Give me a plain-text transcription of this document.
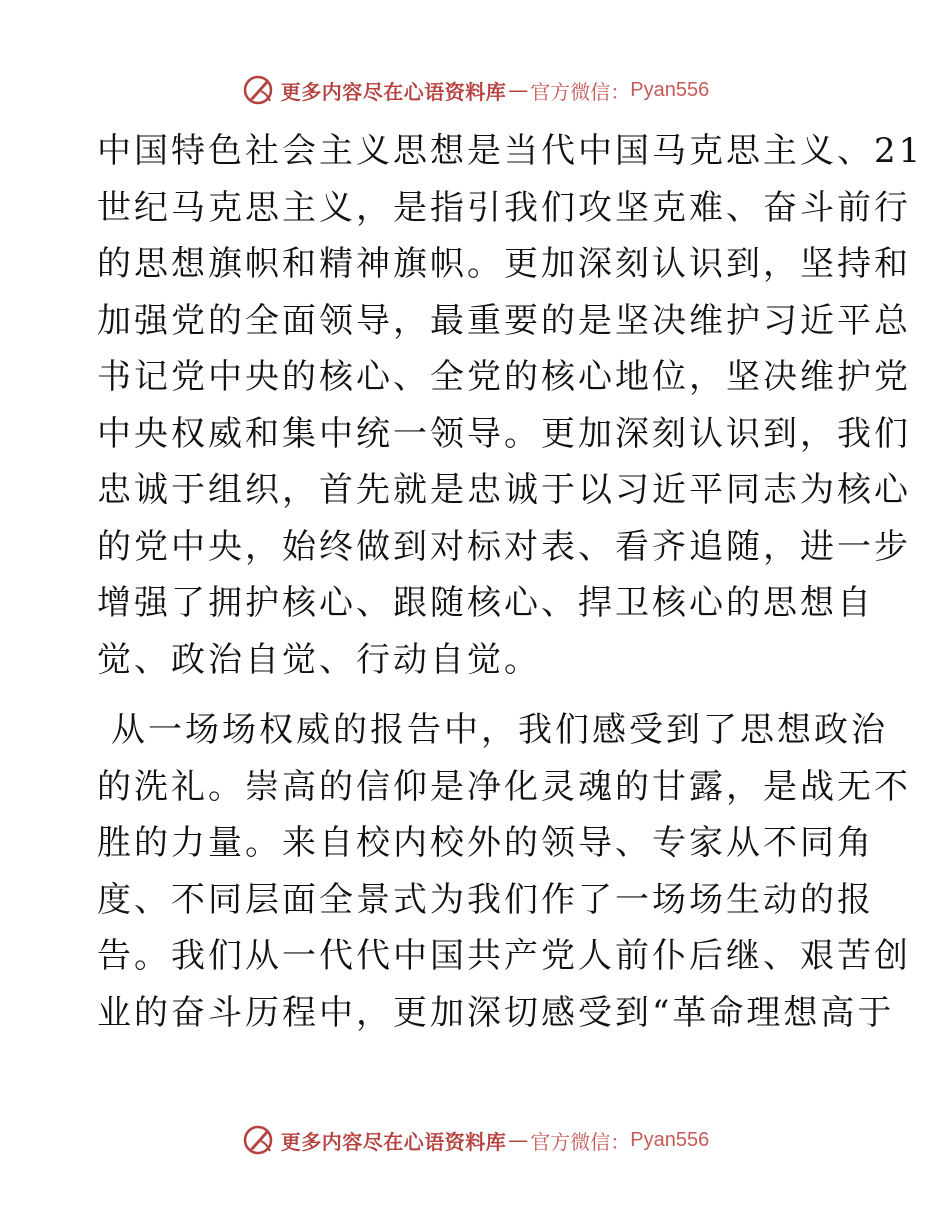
更多内容尽在心语资料库 — 官方微信： Pyan556
中国特色社会主义思想是当代中国马克思主义、21
世纪马克思主义，是指引我们攻坚克难、奋斗前行
的思想旗帜和精神旗帜。更加深刻认识到，坚持和
加强党的全面领导，最重要的是坚决维护习近平总
书记党中央的核心、全党的核心地位，坚决维护党
中央权威和集中统一领导。更加深刻认识到，我们
忠诚于组织，首先就是忠诚于以习近平同志为核心
的党中央，始终做到对标对表、看齐追随，进一步
增强了拥护核心、跟随核心、捍卫核心的思想自
觉、政治自觉、行动自觉。
从一场场权威的报告中，我们感受到了思想政治
的洗礼。崇高的信仰是净化灵魂的甘露，是战无不
胜的力量。来自校内校外的领导、专家从不同角
度、不同层面全景式为我们作了一场场生动的报
告。我们从一代代中国共产党人前仆后继、艰苦创
业的奋斗历程中，更加深切感受到“革命理想高于
更多内容尽在心语资料库 — 官方微信： Pyan556
